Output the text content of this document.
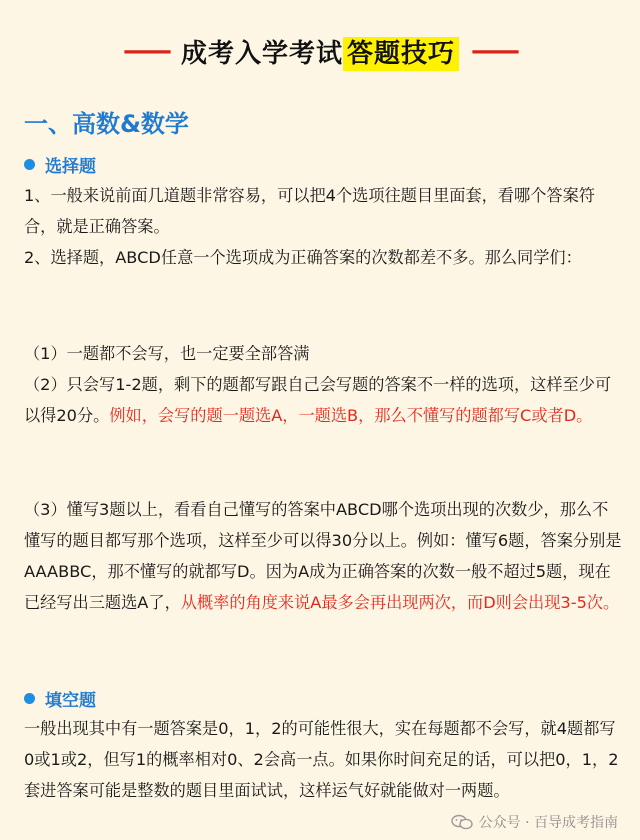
—— 成考入学考试 答题技巧 ——
一、高数&数学
选择题

1、一般来说前面几道题非常容易，可以把4个选项往题目里面套，看哪个答案符合，就是正确答案。

2、选择题，ABCD任意一个选项成为正确答案的次数都差不多。那么同学们：

（1）一题都不会写，也一定要全部答满

（2）只会写1-2题，剩下的题都写跟自己会写题的答案不一样的选项，这样至少可以得20分。例如，会写的题一题选A，一题选B，那么不懂写的题都写C或者D。

（3）懂写3题以上，看看自己懂写的答案中ABCD哪个选项出现的次数少，那么不懂写的题目都写那个选项，这样至少可以得30分以上。例如：懂写6题，答案分别是AAABBC，那不懂写的就都写D。因为A成为正确答案的次数一般不超过5题，现在已经写出三题选A了，从概率的角度来说A最多会再出现两次，而D则会出现3-5次。

填空题

一般出现其中有一题答案是0，1，2的可能性很大，实在每题都不会写，就4题都写0或1或2，但写1的概率相对0、2会高一点。如果你时间充足的话，可以把0，1，2套进答案可能是整数的题目里面试试，这样运气好就能做对一两题。

公众号 · 百导成考指南
